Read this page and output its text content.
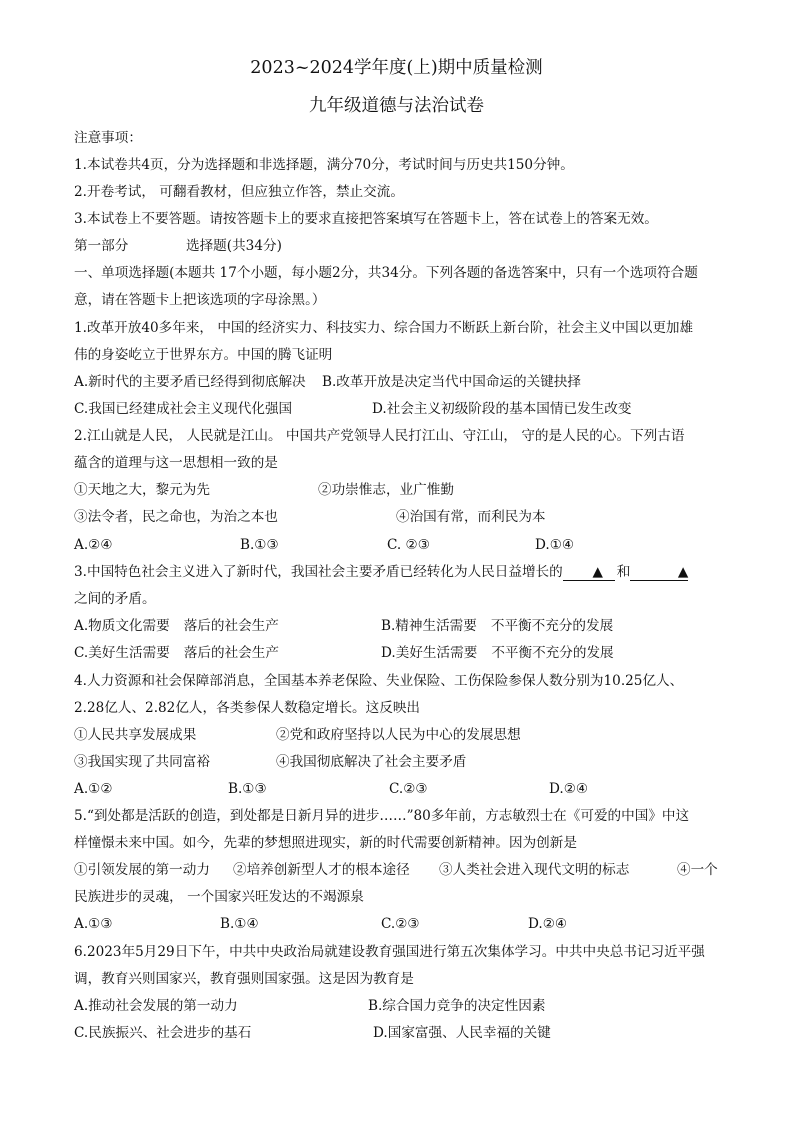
2023~2024学年度(上)期中质量检测
九年级道德与法治试卷
注意事项：
1.本试卷共4页，分为选择题和非选择题，满分70分，考试时间与历史共150分钟。
2.开卷考试， 可翻看教材，但应独立作答，禁止交流。
3.本试卷上不要答题。请按答题卡上的要求直接把答案填写在答题卡上，答在试卷上的答案无效。
第一部分	选择题(共34分)
一、单项选择题(本题共 17个小题，每小题2分，共34分。下列各题的备选答案中，只有一个选项符合题
意，请在答题卡上把该选项的字母涂黑。）
1.改革开放40多年来， 中国的经济实力、科技实力、综合国力不断跃上新台阶，社会主义中国以更加雄
伟的身姿屹立于世界东方。中国的腾飞证明
A.新时代的主要矛盾已经得到彻底解决 B.改革开放是决定当代中国命运的关键抉择
C.我国已经建成社会主义现代化强国	D.社会主义初级阶段的基本国情已发生改变
2.江山就是人民， 人民就是江山。 中国共产党领导人民打江山、守江山， 守的是人民的心。下列古语
蕴含的道理与这一思想相一致的是
①天地之大，黎元为先	②功崇惟志，业广惟勤
③法令者，民之命也，为治之本也	④治国有常，而利民为本
A.②④	B.①③	C. ②③	D.①④
3.中国特色社会主义进入了新时代，我国社会主要矛盾已经转化为人民日益增长的 ▲ 和	▲
之间的矛盾。
A.物质文化需要 落后的社会生产	B.精神生活需要 不平衡不充分的发展
C.美好生活需要 落后的社会生产	D.美好生活需要 不平衡不充分的发展
4.人力资源和社会保障部消息，全国基本养老保险、失业保险、工伤保险参保人数分别为10.25亿人、
2.28亿人、2.82亿人，各类参保人数稳定增长。这反映出
①人民共享发展成果	②党和政府坚持以人民为中心的发展思想
③我国实现了共同富裕	④我国彻底解决了社会主要矛盾
A.①②	B.①③	C.②③	D.②④
5.“到处都是活跃的创造，到处都是日新月异的进步……”80多年前，方志敏烈士在《可爱的中国》中这
样憧憬未来中国。如今，先辈的梦想照进现实，新的时代需要创新精神。因为创新是
①引领发展的第一动力 ②培养创新型人才的根本途径 ③人类社会进入现代文明的标志	④一个
民族进步的灵魂， 一个国家兴旺发达的不竭源泉
A.①③	B.①④	C.②③	D.②④
6.2023年5月29日下午，中共中央政治局就建设教育强国进行第五次集体学习。中共中央总书记习近平强
调，教育兴则国家兴，教育强则国家强。这是因为教育是
A.推动社会发展的第一动力	B.综合国力竞争的决定性因素
C.民族振兴、社会进步的基石	D.国家富强、人民幸福的关键
